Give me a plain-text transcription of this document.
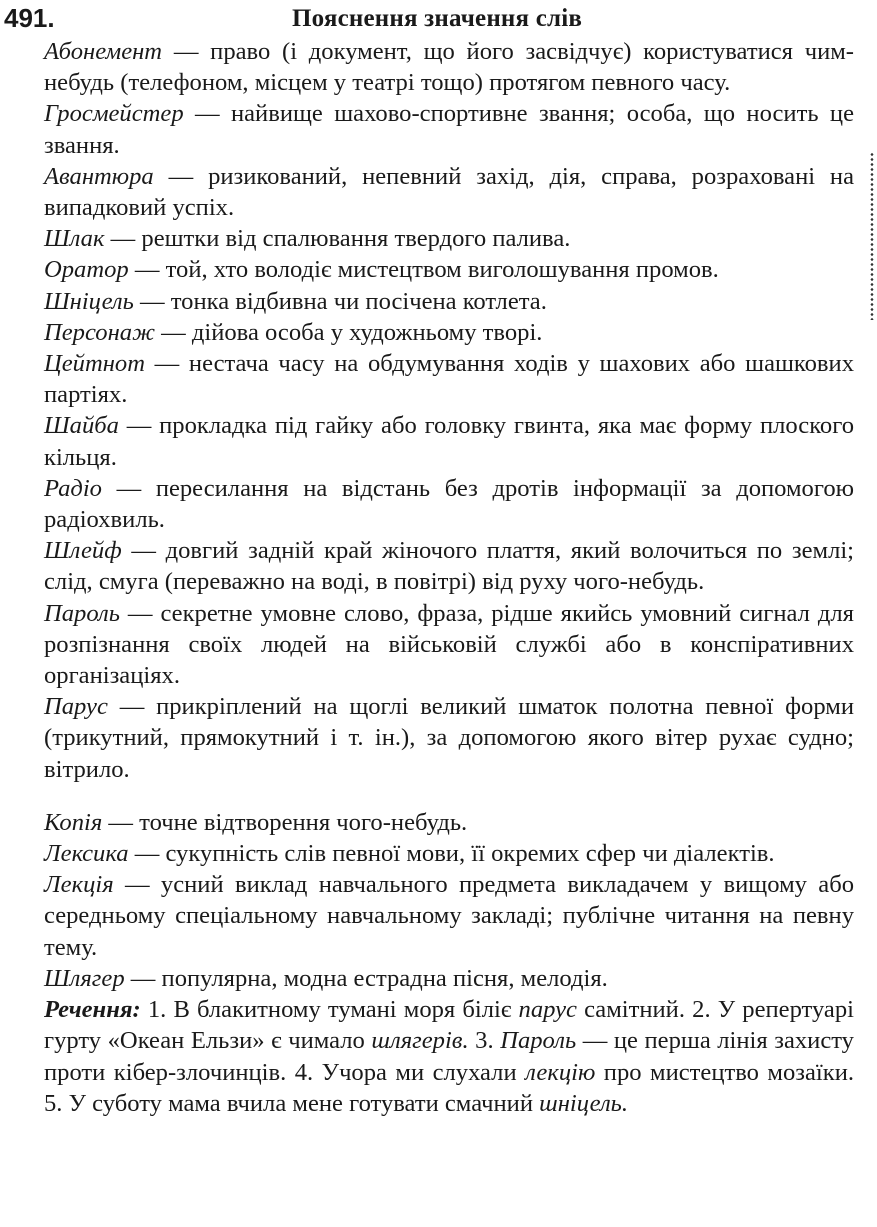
491.	Пояснення значення слів

Абонемент — право (і документ, що його засвідчує) користуватися чим-небудь (телефоном, місцем у театрі тощо) протягом певного часу.

Гросмейстер — найвище шахово-спортивне звання; особа, що носить це звання.

Авантюра — ризикований, непевний захід, дія, справа, розраховані на випадковий успіх.

Шлак — рештки від спалювання твердого палива.

Оратор — той, хто володіє мистецтвом виголошування промов.

Шніцель — тонка відбивна чи посічена котлета.

Персонаж — дійова особа у художньому творі.

Цейтнот — нестача часу на обдумування ходів у шахових або шашкових партіях.

Шайба — прокладка під гайку або головку гвинта, яка має форму плоского кільця.

Радіо — пересилання на відстань без дротів інформації за допомогою радіохвиль.

Шлейф — довгий задній край жіночого плаття, який волочиться по землі; слід, смуга (переважно на воді, в повітрі) від руху чого-небудь.

Пароль — секретне умовне слово, фраза, рідше якийсь умовний сигнал для розпізнання своїх людей на військовій службі або в конспіративних організаціях.

Парус — прикріплений на щоглі великий шматок полотна певної форми (трикутний, прямокутний і т. ін.), за допомогою якого вітер рухає судно; вітрило.

Копія — точне відтворення чого-небудь.

Лексика — сукупність слів певної мови, її окремих сфер чи діалектів.

Лекція — усний виклад навчального предмета викладачем у вищому або середньому спеціальному навчальному закладі; публічне читання на певну тему.

Шлягер — популярна, модна естрадна пісня, мелодія.

Речення: 1. В блакитному тумані моря біліє парус самітний. 2. У репертуарі гурту «Океан Ельзи» є чимало шлягерів. 3. Пароль — це перша лінія захисту проти кібер-злочинців. 4. Учора ми слухали лекцію про мистецтво мозаїки. 5. У суботу мама вчила мене готувати смачний шніцель.
